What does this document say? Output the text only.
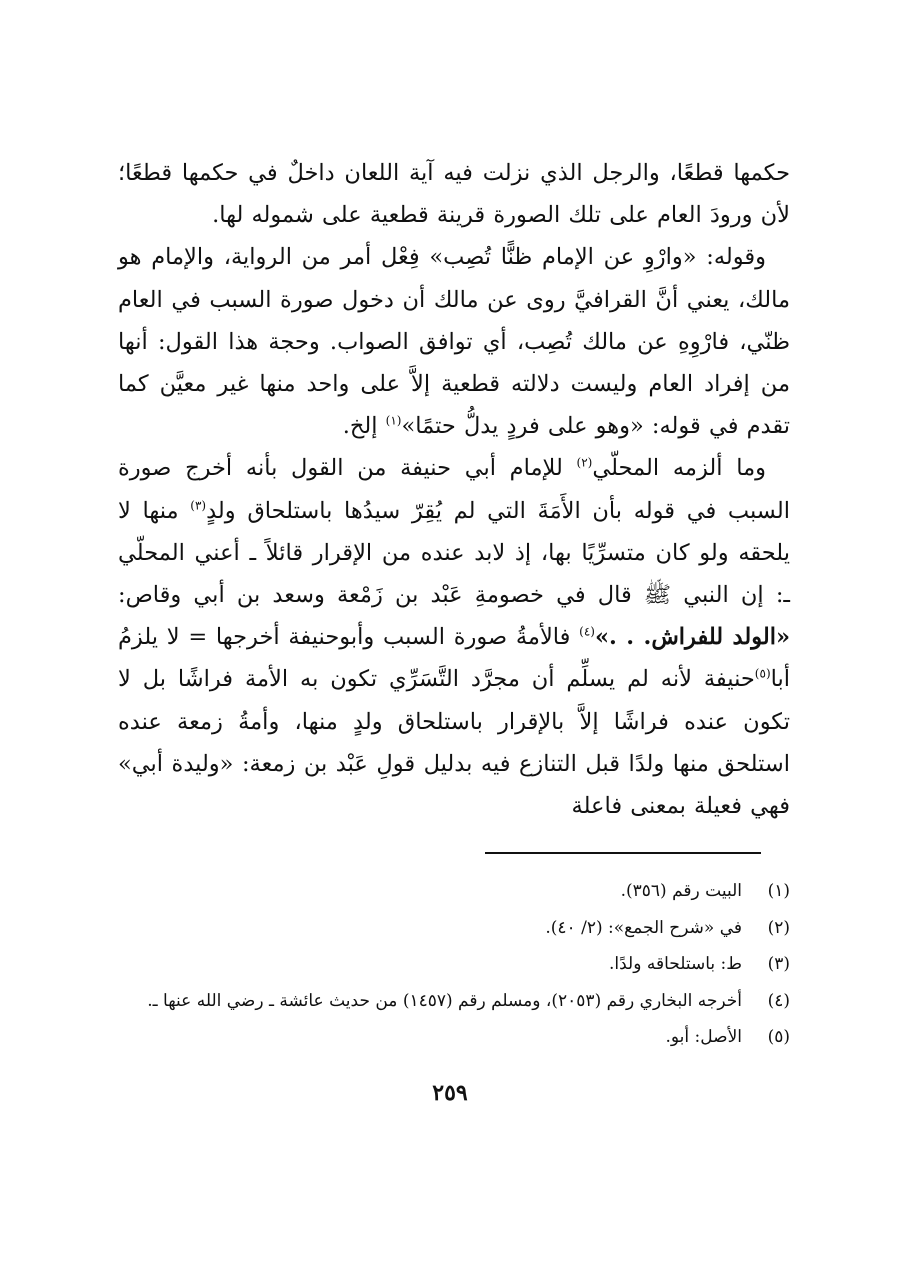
حكمها قطعًا، والرجل الذي نزلت فيه آية اللعان داخلٌ في حكمها قطعًا؛ لأن ورودَ العام على تلك الصورة قرينة قطعية على شموله لها.

وقوله: «وارْوِ عن الإمام ظنًّا تُصِب» فِعْل أمر من الرواية، والإمام هو مالك، يعني أنَّ القرافيَّ روى عن مالك أن دخول صورة السبب في العام ظنّي، فارْوِهِ عن مالك تُصِب، أي توافق الصواب. وحجة هذا القول: أنها من إفراد العام وليست دلالته قطعية إلاَّ على واحد منها غير معيَّن كما تقدم في قوله: «وهو على فردٍ يدلُّ حتمًا»$^{(١)}$ إلخ.

وما ألزمه المحلّي$^{(٢)}$ للإمام أبي حنيفة من القول بأنه أخرج صورة السبب في قوله بأن الأَمَةَ التي لم يُقِرّ سيدُها باستلحاق ولدٍ$^{(٣)}$ منها لا يلحقه ولو كان متسرِّيًا بها، إذ لابد عنده من الإقرار قائلاً ـ أعني المحلّي ـ: إن النبي ﷺ قال في خصومةِ عَبْد بن زَمْعة وسعد بن أبي وقاص: «الولد للفراش. . .»$^{(٤)}$ فالأمةُ صورة السبب وأبوحنيفة أخرجها = لا يلزمُ أبا$^{(٥)}$حنيفة لأنه لم يسلِّم أن مجرَّد التَّسَرِّي تكون به الأمة فراشًا بل لا تكون عنده فراشًا إلاَّ بالإقرار باستلحاق ولدٍ منها، وأمةُ زمعة عنده استلحق منها ولدًا قبل التنازع فيه بدليل قولِ عَبْد بن زمعة: «وليدة أبي» فهي فعيلة بمعنى فاعلة

(١)البيت رقم (٣٥٦).
(٢)في «شرح الجمع»: (٢/ ٤٠).
(٣)ط: باستلحاقه ولدًا.
(٤)أخرجه البخاري رقم (٢٠٥٣)، ومسلم رقم (١٤٥٧) من حديث عائشة ـ رضي الله عنها ـ.
(٥)الأصل: أبو.
٢٥٩
